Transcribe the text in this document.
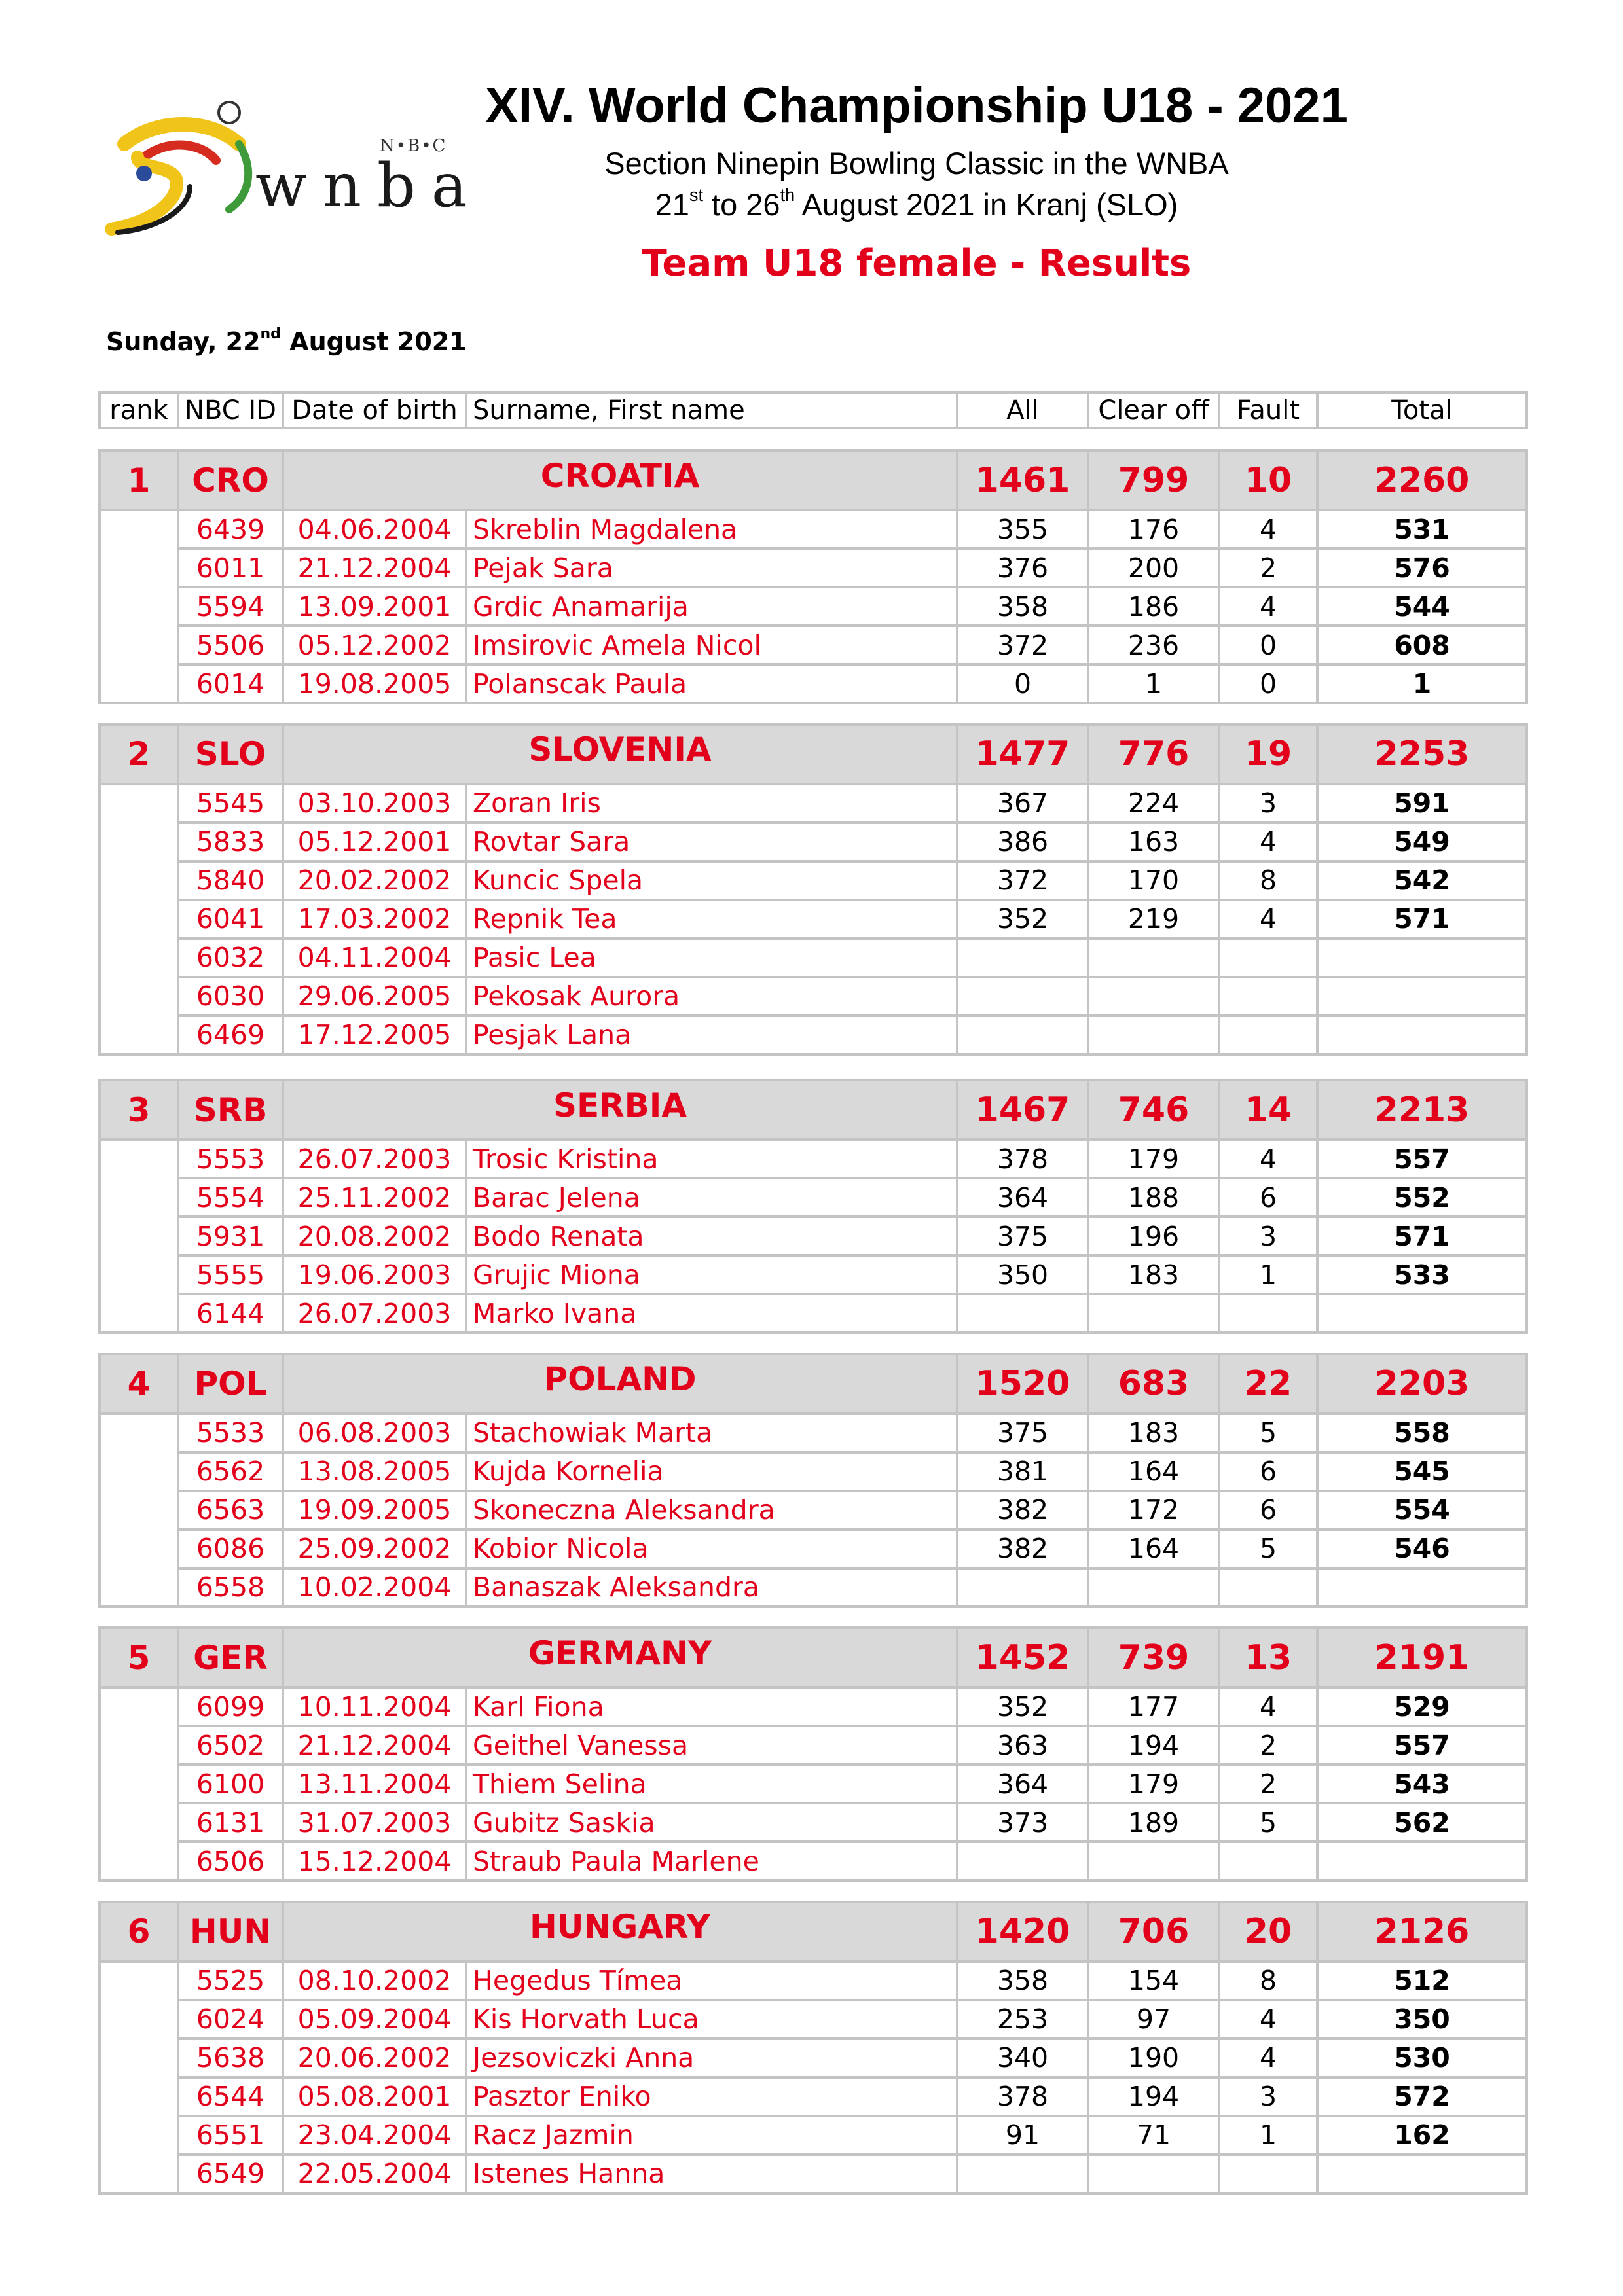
N•B•C
wnba
XIV. World Championship U18 - 2021
Section Ninepin Bowling Classic in the WNBA
21st to 26th August 2021 in Kranj (SLO)
Team U18 female - Results
Sunday, 22nd August 2021
rank	NBC ID	Date of birth	Surname, First name	All	Clear off	Fault	Total
1	CRO	CROATIA		1461	799	10	2260
	6439	04.06.2004	Skreblin Magdalena	355	176	4	531
	6011	21.12.2004	Pejak Sara	376	200	2	576
	5594	13.09.2001	Grdic Anamarija	358	186	4	544
	5506	05.12.2002	Imsirovic Amela Nicol	372	236	0	608
	6014	19.08.2005	Polanscak Paula	0	1	0	1
2	SLO	SLOVENIA		1477	776	19	2253
	5545	03.10.2003	Zoran Iris	367	224	3	591
	5833	05.12.2001	Rovtar Sara	386	163	4	549
	5840	20.02.2002	Kuncic Spela	372	170	8	542
	6041	17.03.2002	Repnik Tea	352	219	4	571
	6032	04.11.2004	Pasic Lea				
	6030	29.06.2005	Pekosak Aurora				
	6469	17.12.2005	Pesjak Lana				
3	SRB	SERBIA		1467	746	14	2213
	5553	26.07.2003	Trosic Kristina	378	179	4	557
	5554	25.11.2002	Barac Jelena	364	188	6	552
	5931	20.08.2002	Bodo Renata	375	196	3	571
	5555	19.06.2003	Grujic Miona	350	183	1	533
	6144	26.07.2003	Marko Ivana				
4	POL	POLAND		1520	683	22	2203
	5533	06.08.2003	Stachowiak Marta	375	183	5	558
	6562	13.08.2005	Kujda Kornelia	381	164	6	545
	6563	19.09.2005	Skoneczna Aleksandra	382	172	6	554
	6086	25.09.2002	Kobior Nicola	382	164	5	546
	6558	10.02.2004	Banaszak Aleksandra				
5	GER	GERMANY		1452	739	13	2191
	6099	10.11.2004	Karl Fiona	352	177	4	529
	6502	21.12.2004	Geithel Vanessa	363	194	2	557
	6100	13.11.2004	Thiem Selina	364	179	2	543
	6131	31.07.2003	Gubitz Saskia	373	189	5	562
	6506	15.12.2004	Straub Paula Marlene				
6	HUN	HUNGARY		1420	706	20	2126
	5525	08.10.2002	Hegedus Tímea	358	154	8	512
	6024	05.09.2004	Kis Horvath Luca	253	97	4	350
	5638	20.06.2002	Jezsoviczki Anna	340	190	4	530
	6544	05.08.2001	Pasztor Eniko	378	194	3	572
	6551	23.04.2004	Racz Jazmin	91	71	1	162
	6549	22.05.2004	Istenes Hanna				
